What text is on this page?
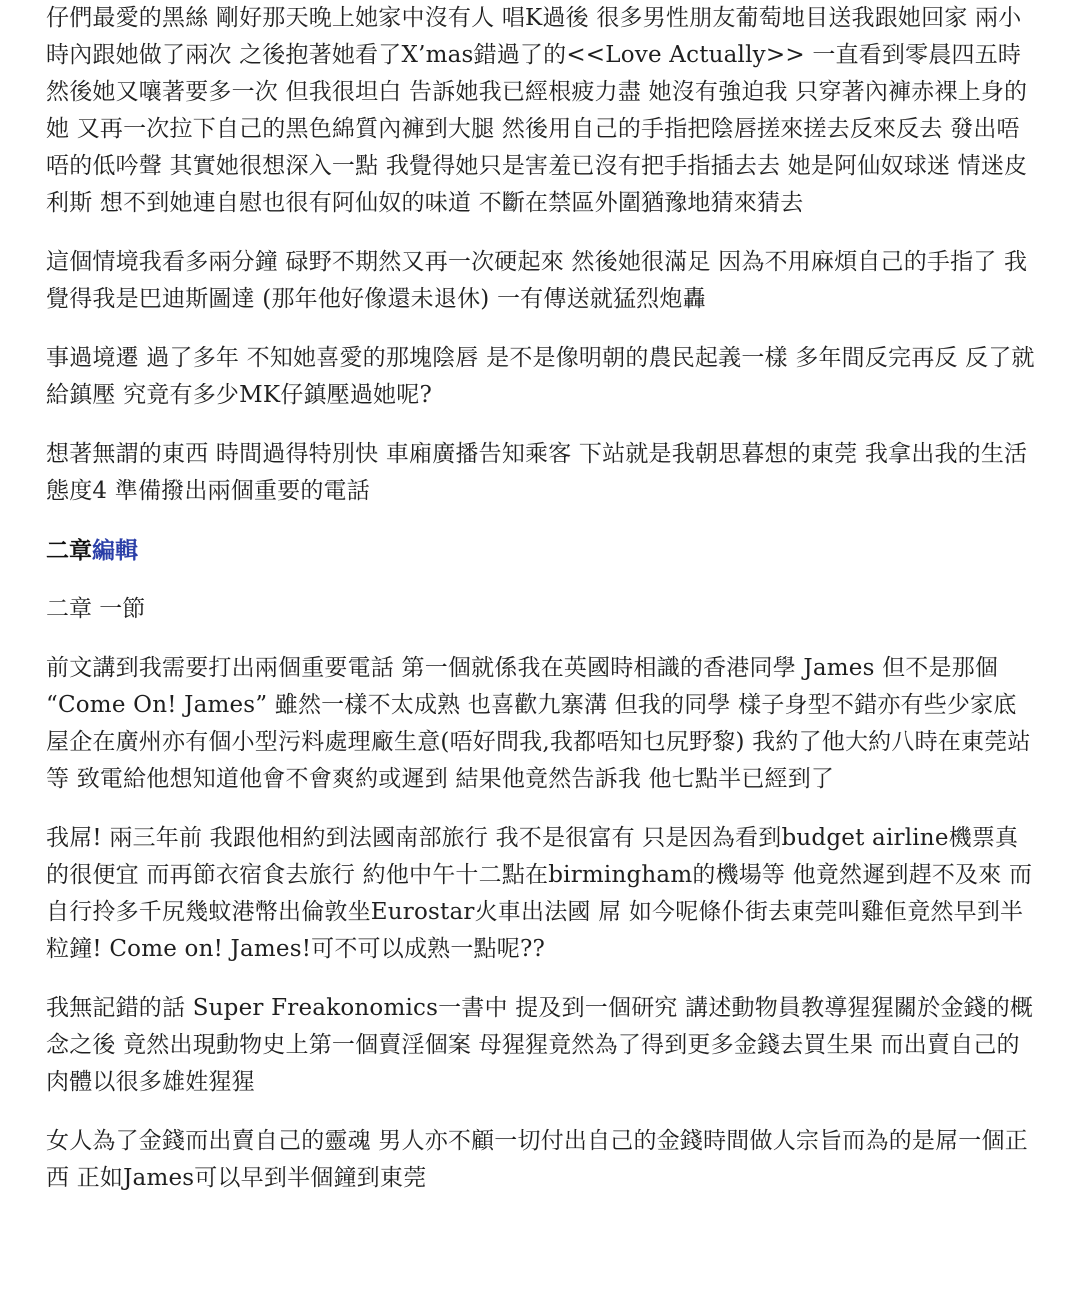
仔們最愛的黑絲 剛好那天晚上她家中沒有人 唱K過後 很多男性朋友葡萄地目送我跟她回家 兩小時內跟她做了兩次 之後抱著她看了X’mas錯過了的<<Love Actually>> 一直看到零晨四五時 然後她又嚷著要多一次 但我很坦白 告訴她我已經根疲力盡 她沒有強迫我 只穿著內褲赤裸上身的她 又再一次拉下自己的黑色綿質內褲到大腿 然後用自己的手指把陰唇搓來搓去反來反去 發出唔唔的低吟聲 其實她很想深入一點 我覺得她只是害羞已沒有把手指插去去 她是阿仙奴球迷 情迷皮利斯 想不到她連自慰也很有阿仙奴的味道 不斷在禁區外圍猶豫地猜來猜去

這個情境我看多兩分鐘 碌野不期然又再一次硬起來 然後她很滿足 因為不用麻煩自己的手指了 我覺得我是巴迪斯圖達 (那年他好像還未退休) 一有傳送就猛烈炮轟

事過境遷 過了多年 不知她喜愛的那塊陰唇 是不是像明朝的農民起義一樣 多年間反完再反 反了就給鎮壓 究竟有多少MK仔鎮壓過她呢?

想著無謂的東西 時間過得特別快 車廂廣播告知乘客 下站就是我朝思暮想的東莞 我拿出我的生活態度4 準備撥出兩個重要的電話

二章編輯

二章 一節

前文講到我需要打出兩個重要電話 第一個就係我在英國時相識的香港同學 James 但不是那個 “Come On! James” 雖然一樣不太成熟 也喜歡九寨溝 但我的同學 樣子身型不錯亦有些少家底 屋企在廣州亦有個小型污料處理廠生意(唔好問我,我都唔知乜尻野黎) 我約了他大約八時在東莞站等 致電給他想知道他會不會爽約或遲到 結果他竟然告訴我 他七點半已經到了

我屌! 兩三年前 我跟他相約到法國南部旅行 我不是很富有 只是因為看到budget airline機票真的很便宜 而再節衣宿食去旅行 約他中午十二點在birmingham的機場等 他竟然遲到趕不及來 而自行拎多千尻幾蚊港幣出倫敦坐Eurostar火車出法國 屌 如今呢條仆街去東莞叫雞佢竟然早到半粒鐘! Come on! James!可不可以成熟一點呢??

我無記錯的話 Super Freakonomics一書中 提及到一個研究 講述動物員教導猩猩關於金錢的概念之後 竟然出現動物史上第一個賣淫個案 母猩猩竟然為了得到更多金錢去買生果 而出賣自己的肉體以很多雄姓猩猩

女人為了金錢而出賣自己的靈魂 男人亦不顧一切付出自己的金錢時間做人宗旨而為的是屌一個正西 正如James可以早到半個鐘到東莞
